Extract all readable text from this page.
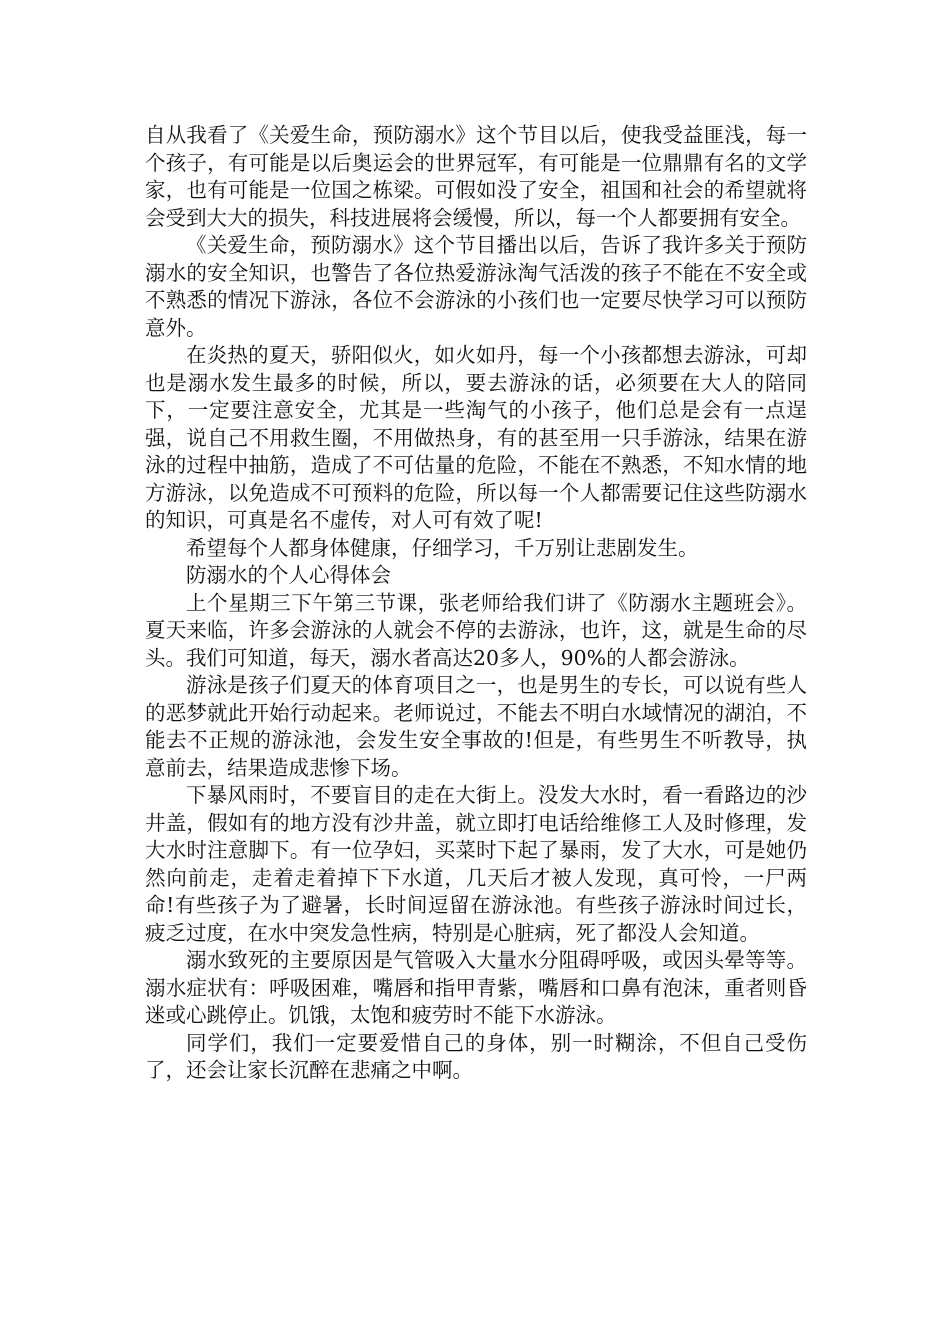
自从我看了《关爱生命，预防溺水》这个节目以后，使我受益匪浅，每一个孩子，有可能是以后奥运会的世界冠军，有可能是一位鼎鼎有名的文学家，也有可能是一位国之栋梁。可假如没了安全，祖国和社会的希望就将会受到大大的损失，科技进展将会缓慢，所以，每一个人都要拥有安全。

《关爱生命，预防溺水》这个节目播出以后，告诉了我许多关于预防溺水的安全知识，也警告了各位热爱游泳淘气活泼的孩子不能在不安全或不熟悉的情况下游泳，各位不会游泳的小孩们也一定要尽快学习可以预防意外。

在炎热的夏天，骄阳似火，如火如丹，每一个小孩都想去游泳，可却也是溺水发生最多的时候，所以，要去游泳的话，必须要在大人的陪同下，一定要注意安全，尤其是一些淘气的小孩子，他们总是会有一点逞强，说自己不用救生圈，不用做热身，有的甚至用一只手游泳，结果在游泳的过程中抽筋，造成了不可估量的危险，不能在不熟悉，不知水情的地方游泳，以免造成不可预料的危险，所以每一个人都需要记住这些防溺水的知识，可真是名不虚传，对人可有效了呢!

希望每个人都身体健康，仔细学习，千万别让悲剧发生。

防溺水的个人心得体会

上个星期三下午第三节课，张老师给我们讲了《防溺水主题班会》。夏天来临，许多会游泳的人就会不停的去游泳，也许，这，就是生命的尽头。我们可知道，每天，溺水者高达20多人，90%的人都会游泳。

游泳是孩子们夏天的体育项目之一，也是男生的专长，可以说有些人的恶梦就此开始行动起来。老师说过，不能去不明白水域情况的湖泊，不能去不正规的游泳池，会发生安全事故的!但是，有些男生不听教导，执意前去，结果造成悲惨下场。

下暴风雨时，不要盲目的走在大街上。没发大水时，看一看路边的沙井盖，假如有的地方没有沙井盖，就立即打电话给维修工人及时修理，发大水时注意脚下。有一位孕妇，买菜时下起了暴雨，发了大水，可是她仍然向前走，走着走着掉下下水道，几天后才被人发现，真可怜，一尸两命!有些孩子为了避暑，长时间逗留在游泳池。有些孩子游泳时间过长，疲乏过度，在水中突发急性病，特别是心脏病，死了都没人会知道。

溺水致死的主要原因是气管吸入大量水分阻碍呼吸，或因头晕等等。溺水症状有：呼吸困难，嘴唇和指甲青紫，嘴唇和口鼻有泡沫，重者则昏迷或心跳停止。饥饿，太饱和疲劳时不能下水游泳。

同学们，我们一定要爱惜自己的身体，别一时糊涂，不但自己受伤了，还会让家长沉醉在悲痛之中啊。
